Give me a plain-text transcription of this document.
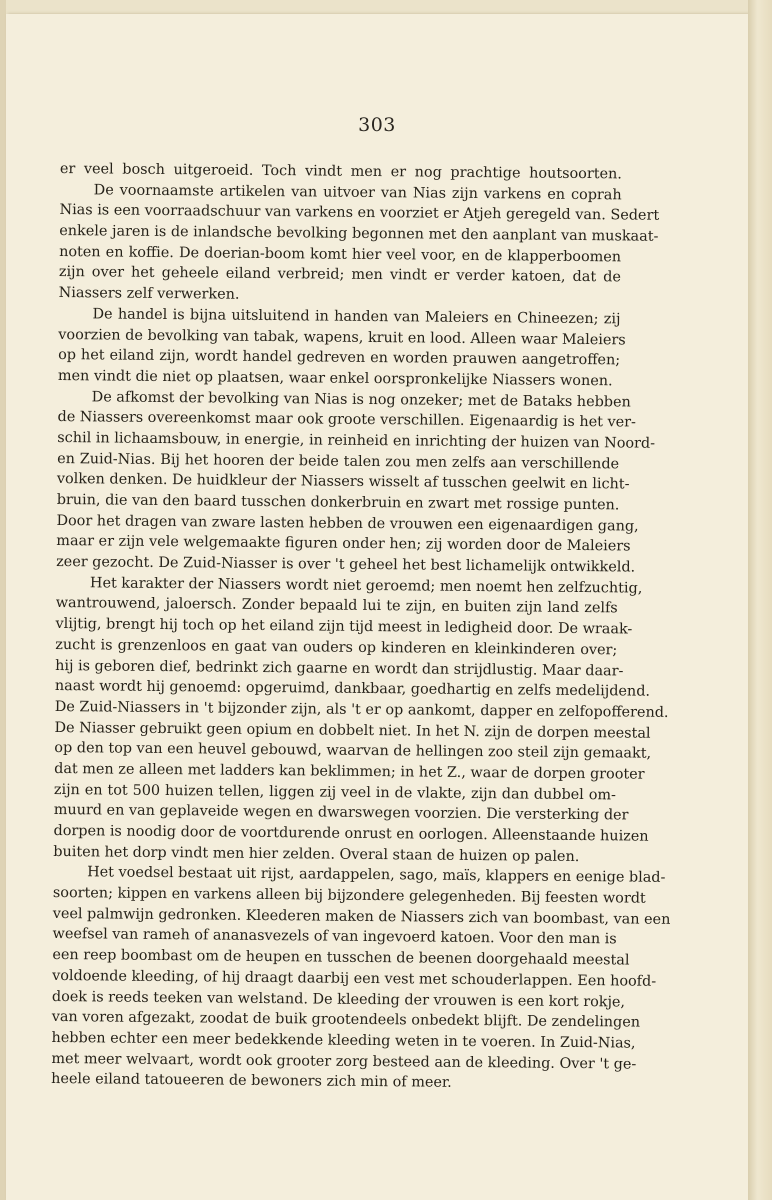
303
er veel bosch uitgeroeid. Toch vindt men er nog prachtige houtsoorten.
De voornaamste artikelen van uitvoer van Nias zijn varkens en coprah
Nias is een voorraadschuur van varkens en voorziet er Atjeh geregeld van. Sedert
enkele jaren is de inlandsche bevolking begonnen met den aanplant van muskaat-
noten en koffie. De doerian-boom komt hier veel voor, en de klapperboomen
zijn over het geheele eiland verbreid; men vindt er verder katoen, dat de
Niassers zelf verwerken.
De handel is bijna uitsluitend in handen van Maleiers en Chineezen; zij
voorzien de bevolking van tabak, wapens, kruit en lood. Alleen waar Maleiers
op het eiland zijn, wordt handel gedreven en worden prauwen aangetroffen;
men vindt die niet op plaatsen, waar enkel oorspronkelijke Niassers wonen.
De afkomst der bevolking van Nias is nog onzeker; met de Bataks hebben
de Niassers overeenkomst maar ook groote verschillen. Eigenaardig is het ver-
schil in lichaamsbouw, in energie, in reinheid en inrichting der huizen van Noord-
en Zuid-Nias. Bij het hooren der beide talen zou men zelfs aan verschillende
volken denken. De huidkleur der Niassers wisselt af tusschen geelwit en licht-
bruin, die van den baard tusschen donkerbruin en zwart met rossige punten.
Door het dragen van zware lasten hebben de vrouwen een eigenaardigen gang,
maar er zijn vele welgemaakte figuren onder hen; zij worden door de Maleiers
zeer gezocht. De Zuid-Niasser is over 't geheel het best lichamelijk ontwikkeld.
Het karakter der Niassers wordt niet geroemd; men noemt hen zelfzuchtig,
wantrouwend, jaloersch. Zonder bepaald lui te zijn, en buiten zijn land zelfs
vlijtig, brengt hij toch op het eiland zijn tijd meest in ledigheid door. De wraak-
zucht is grenzenloos en gaat van ouders op kinderen en kleinkinderen over;
hij is geboren dief, bedrinkt zich gaarne en wordt dan strijdlustig. Maar daar-
naast wordt hij genoemd: opgeruimd, dankbaar, goedhartig en zelfs medelijdend.
De Zuid-Niassers in 't bijzonder zijn, als 't er op aankomt, dapper en zelfopofferend.
De Niasser gebruikt geen opium en dobbelt niet. In het N. zijn de dorpen meestal
op den top van een heuvel gebouwd, waarvan de hellingen zoo steil zijn gemaakt,
dat men ze alleen met ladders kan beklimmen; in het Z., waar de dorpen grooter
zijn en tot 500 huizen tellen, liggen zij veel in de vlakte, zijn dan dubbel om-
muurd en van geplaveide wegen en dwarswegen voorzien. Die versterking der
dorpen is noodig door de voortdurende onrust en oorlogen. Alleenstaande huizen
buiten het dorp vindt men hier zelden. Overal staan de huizen op palen.
Het voedsel bestaat uit rijst, aardappelen, sago, maïs, klappers en eenige blad-
soorten; kippen en varkens alleen bij bijzondere gelegenheden. Bij feesten wordt
veel palmwijn gedronken. Kleederen maken de Niassers zich van boombast, van een
weefsel van rameh of ananasvezels of van ingevoerd katoen. Voor den man is
een reep boombast om de heupen en tusschen de beenen doorgehaald meestal
voldoende kleeding, of hij draagt daarbij een vest met schouderlappen. Een hoofd-
doek is reeds teeken van welstand. De kleeding der vrouwen is een kort rokje,
van voren afgezakt, zoodat de buik grootendeels onbedekt blijft. De zendelingen
hebben echter een meer bedekkende kleeding weten in te voeren. In Zuid-Nias,
met meer welvaart, wordt ook grooter zorg besteed aan de kleeding. Over 't ge-
heele eiland tatoueeren de bewoners zich min of meer.
